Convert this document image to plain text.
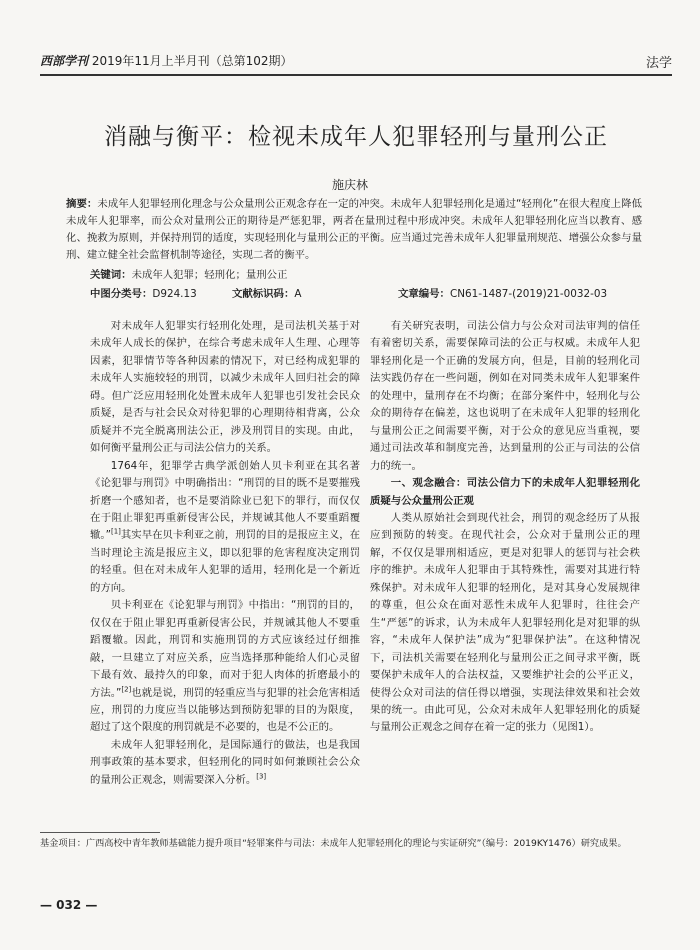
西部学刊 2019年11月上半月刊（总第102期）	法学
消融与衡平：检视未成年人犯罪轻刑与量刑公正
施庆林
摘要：未成年人犯罪轻刑化理念与公众量刑公正观念存在一定的冲突。未成年人犯罪轻刑化是通过“轻刑化”在很大程度上降低未成年人犯罪率，而公众对量刑公正的期待是严惩犯罪，两者在量刑过程中形成冲突。未成年人犯罪轻刑化应当以教育、感化、挽救为原则，并保持刑罚的适度，实现轻刑化与量刑公正的平衡。应当通过完善未成年人犯罪量刑规范、增强公众参与量刑、建立健全社会监督机制等途径，实现二者的衡平。
关键词：未成年人犯罪；轻刑化；量刑公正
中图分类号：D924.13	文献标识码：A	文章编号：CN61-1487-(2019)21-0032-03

对未成年人犯罪实行轻刑化处理，是司法机关基于对未成年人成长的保护，在综合考虑未成年人生理、心理等因素，犯罪情节等各种因素的情况下，对已经构成犯罪的未成年人实施较轻的刑罚，以减少未成年人回归社会的障碍。但广泛应用轻刑化处置未成年人犯罪也引发社会民众质疑，是否与社会民众对待犯罪的心理期待相背离，公众质疑并不完全脱离刑法公正，涉及刑罚目的实现。由此，如何衡平量刑公正与司法公信力的关系。

1764年，犯罪学古典学派创始人贝卡利亚在其名著《论犯罪与刑罚》中明确指出：“刑罚的目的既不是要摧残折磨一个感知者，也不是要消除业已犯下的罪行，而仅仅在于阻止罪犯再重新侵害公民，并规诫其他人不要重蹈覆辙。”[1]其实早在贝卡利亚之前，刑罚的目的是报应主义，在当时理论主流是报应主义，即以犯罪的危害程度决定刑罚的轻重。但在对未成年人犯罪的适用，轻刑化是一个新近的方向。

贝卡利亚在《论犯罪与刑罚》中指出：“刑罚的目的，仅仅在于阻止罪犯再重新侵害公民，并规诫其他人不要重蹈覆辙。因此，刑罚和实施刑罚的方式应该经过仔细推敲，一旦建立了对应关系，应当选择那种能给人们心灵留下最有效、最持久的印象，而对于犯人肉体的折磨最小的方法。”[2]也就是说，刑罚的轻重应当与犯罪的社会危害相适应，刑罚的力度应当以能够达到预防犯罪的目的为限度，超过了这个限度的刑罚就是不必要的，也是不公正的。

未成年人犯罪轻刑化，是国际通行的做法，也是我国刑事政策的基本要求，但轻刑化的同时如何兼顾社会公众的量刑公正观念，则需要深入分析。[3]

有关研究表明，司法公信力与公众对司法审判的信任有着密切关系，需要保障司法的公正与权威。未成年人犯罪轻刑化是一个正确的发展方向，但是，目前的轻刑化司法实践仍存在一些问题，例如在对同类未成年人犯罪案件的处理中，量刑存在不均衡；在部分案件中，轻刑化与公众的期待存在偏差，这也说明了在未成年人犯罪的轻刑化与量刑公正之间需要平衡，对于公众的意见应当重视，要通过司法改革和制度完善，达到量刑的公正与司法的公信力的统一。

一、观念融合：司法公信力下的未成年人犯罪轻刑化质疑与公众量刑公正观

人类从原始社会到现代社会，刑罚的观念经历了从报应到预防的转变。在现代社会，公众对于量刑公正的理解，不仅仅是罪刑相适应，更是对犯罪人的惩罚与社会秩序的维护。未成年人犯罪由于其特殊性，需要对其进行特殊保护。对未成年人犯罪的轻刑化，是对其身心发展规律的尊重，但公众在面对恶性未成年人犯罪时，往往会产生“严惩”的诉求，认为未成年人犯罪轻刑化是对犯罪的纵容，“未成年人保护法”成为“犯罪保护法”。在这种情况下，司法机关需要在轻刑化与量刑公正之间寻求平衡，既要保护未成年人的合法权益，又要维护社会的公平正义，使得公众对司法的信任得以增强，实现法律效果和社会效果的统一。由此可见，公众对未成年人犯罪轻刑化的质疑与量刑公正观念之间存在着一定的张力（见图1）。

基金项目：广西高校中青年教师基础能力提升项目“轻罪案件与司法：未成年人犯罪轻刑化的理论与实证研究”（编号：2019KY1476）研究成果。
— 032 —
